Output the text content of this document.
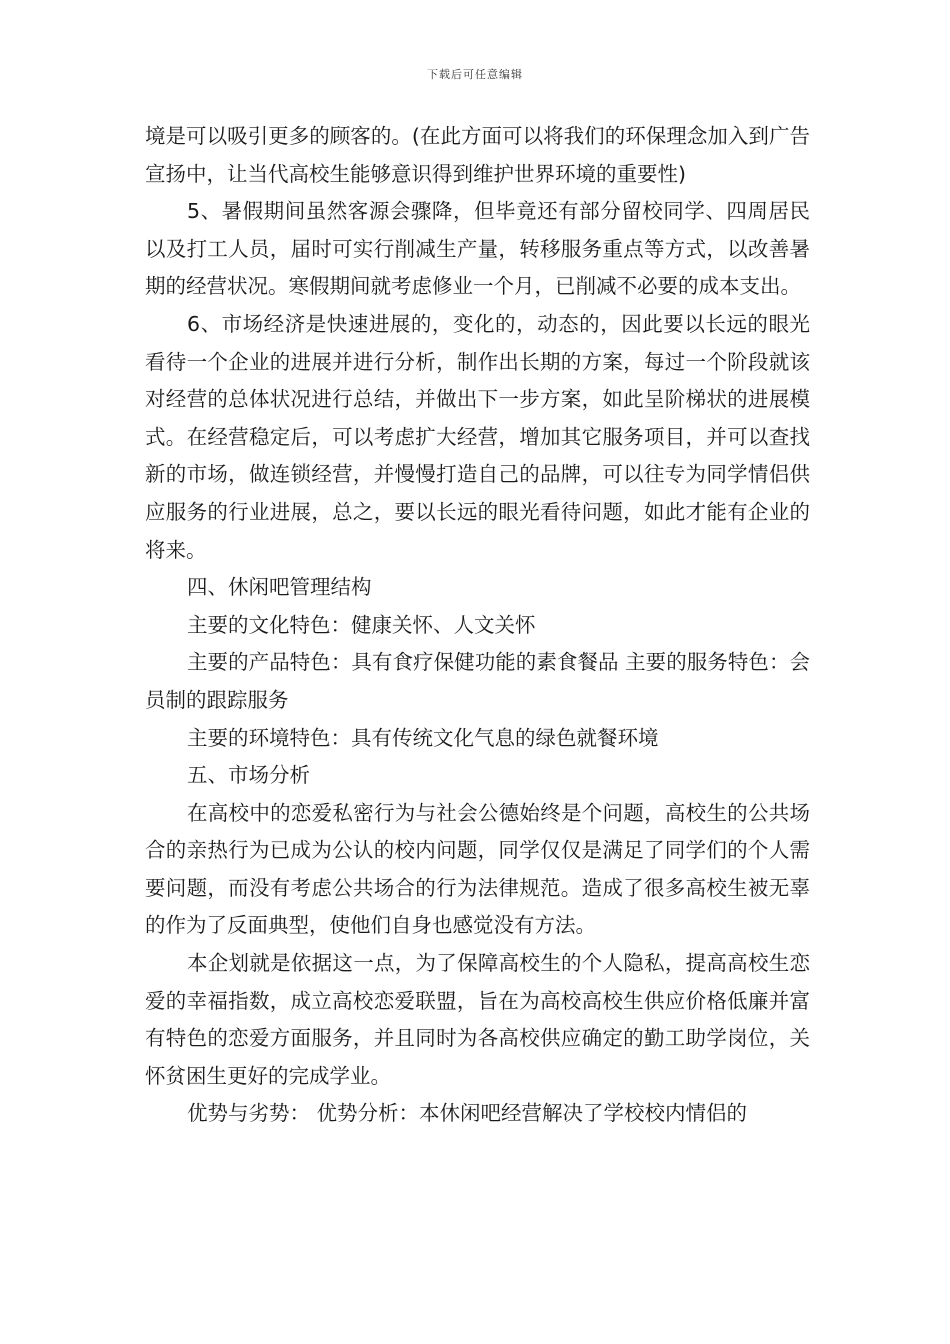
下载后可任意编辑

境是可以吸引更多的顾客的。(在此方面可以将我们的环保理念加入到广告宣扬中，让当代高校生能够意识得到维护世界环境的重要性)

5、暑假期间虽然客源会骤降，但毕竟还有部分留校同学、四周居民以及打工人员，届时可实行削减生产量，转移服务重点等方式，以改善暑期的经营状况。寒假期间就考虑修业一个月，已削减不必要的成本支出。

6、市场经济是快速进展的，变化的，动态的，因此要以长远的眼光看待一个企业的进展并进行分析，制作出长期的方案，每过一个阶段就该对经营的总体状况进行总结，并做出下一步方案，如此呈阶梯状的进展模式。在经营稳定后，可以考虑扩大经营，增加其它服务项目，并可以查找新的市场，做连锁经营，并慢慢打造自己的品牌，可以往专为同学情侣供应服务的行业进展，总之，要以长远的眼光看待问题，如此才能有企业的将来。

四、休闲吧管理结构

主要的文化特色：健康关怀、人文关怀

主要的产品特色：具有食疗保健功能的素食餐品 主要的服务特色：会员制的跟踪服务

主要的环境特色：具有传统文化气息的绿色就餐环境

五、市场分析

在高校中的恋爱私密行为与社会公德始终是个问题，高校生的公共场合的亲热行为已成为公认的校内问题，同学仅仅是满足了同学们的个人需要问题，而没有考虑公共场合的行为法律规范。造成了很多高校生被无辜的作为了反面典型，使他们自身也感觉没有方法。

本企划就是依据这一点，为了保障高校生的个人隐私，提高高校生恋爱的幸福指数，成立高校恋爱联盟，旨在为高校高校生供应价格低廉并富有特色的恋爱方面服务，并且同时为各高校供应确定的勤工助学岗位，关怀贫困生更好的完成学业。

优势与劣势： 优势分析：本休闲吧经营解决了学校校内情侣的
